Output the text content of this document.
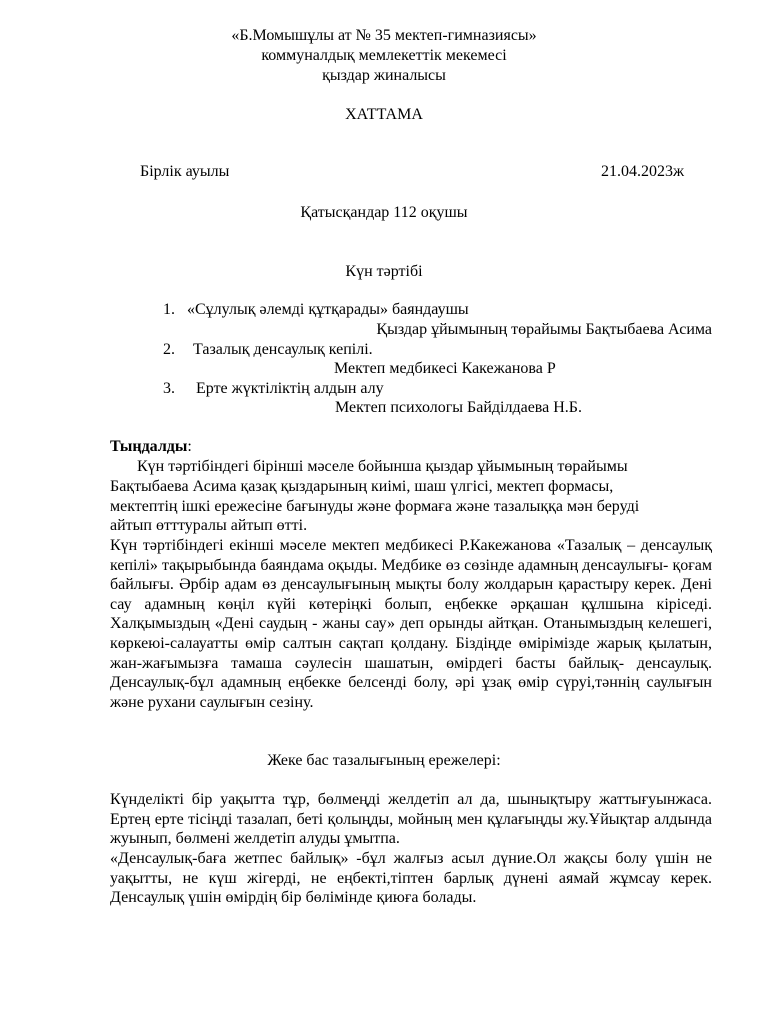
«Б.Момышұлы ат № 35 мектеп-гимназиясы»
коммуналдық мемлекеттік мекемесі
қыздар жиналысы
ХАТТАМА
Бірлік ауылы	21.04.2023ж
Қатысқандар 112 оқушы
Күн тәртібі
1. «Сұлулық әлемді құтқарады» баяндаушы
Қыздар ұйымының төрайымы Бақтыбаева Асима
2. Тазалық денсаулық кепілі.
Мектеп медбикесі Какежанова Р
3. Ерте жүктіліктің алдын алу
Мектеп психологы Байділдаева Н.Б.
Тыңдалды:
Күн тәртібіндегі бірінші мәселе бойынша қыздар ұйымының төрайымы
Бақтыбаева Асима қазақ қыздарының киімі, шаш үлгісі, мектеп формасы,
мектептің ішкі ережесіне бағынуды және формаға және тазалыққа мән беруді
айтып өтттуралы айтып өтті.
Күн тәртібіндегі екінші мәселе мектеп медбикесі Р.Какежанова «Тазалық – денсаулық кепілі» тақырыбында баяндама оқыды. Медбике өз сөзінде адамның денсаулығы- қоғам байлығы. Әрбір адам өз денсаулығының мықты болу жолдарын қарастыру керек. Дені сау адамның көңіл күйі көтеріңкі болып, еңбекке әрқашан құлшына кіріседі. Халқымыздың «Дені саудың - жаны сау» деп орынды айтқан. Отанымыздың келешегі, көркеюі-салауатты өмір салтын сақтап қолдану. Біздіңде өміріміздe жарық қылатын, жан-жағымызға тамаша сәулесін шашатын, өмірдегі басты байлық- денсаулық. Денсаулық-бұл адамның еңбекке белсенді болу, әрі ұзақ өмір сүруі,тәннің саулығын және рухани саулығын сезіну.
Жеке бас тазалығының ережелері:
Күнделікті бір уақытта тұр, бөлмеңді желдетіп ал да, шынықтыру жаттығуынжаса. Ертең ерте тісіңді тазалап, беті қолыңды, мойның мен құлағыңды жу.Ұйықтар алдында жуынып, бөлмені желдетіп алуды ұмытпа.
«Денсаулық-баға жетпес байлық» -бұл жалғыз асыл дүние.Ол жақсы болу үшін не уақытты, не күш жігерді, не еңбекті,тіптен барлық дүнені аямай жұмсау керек. Денсаулық үшін өмірдің бір бөлімінде қиюға болады.
